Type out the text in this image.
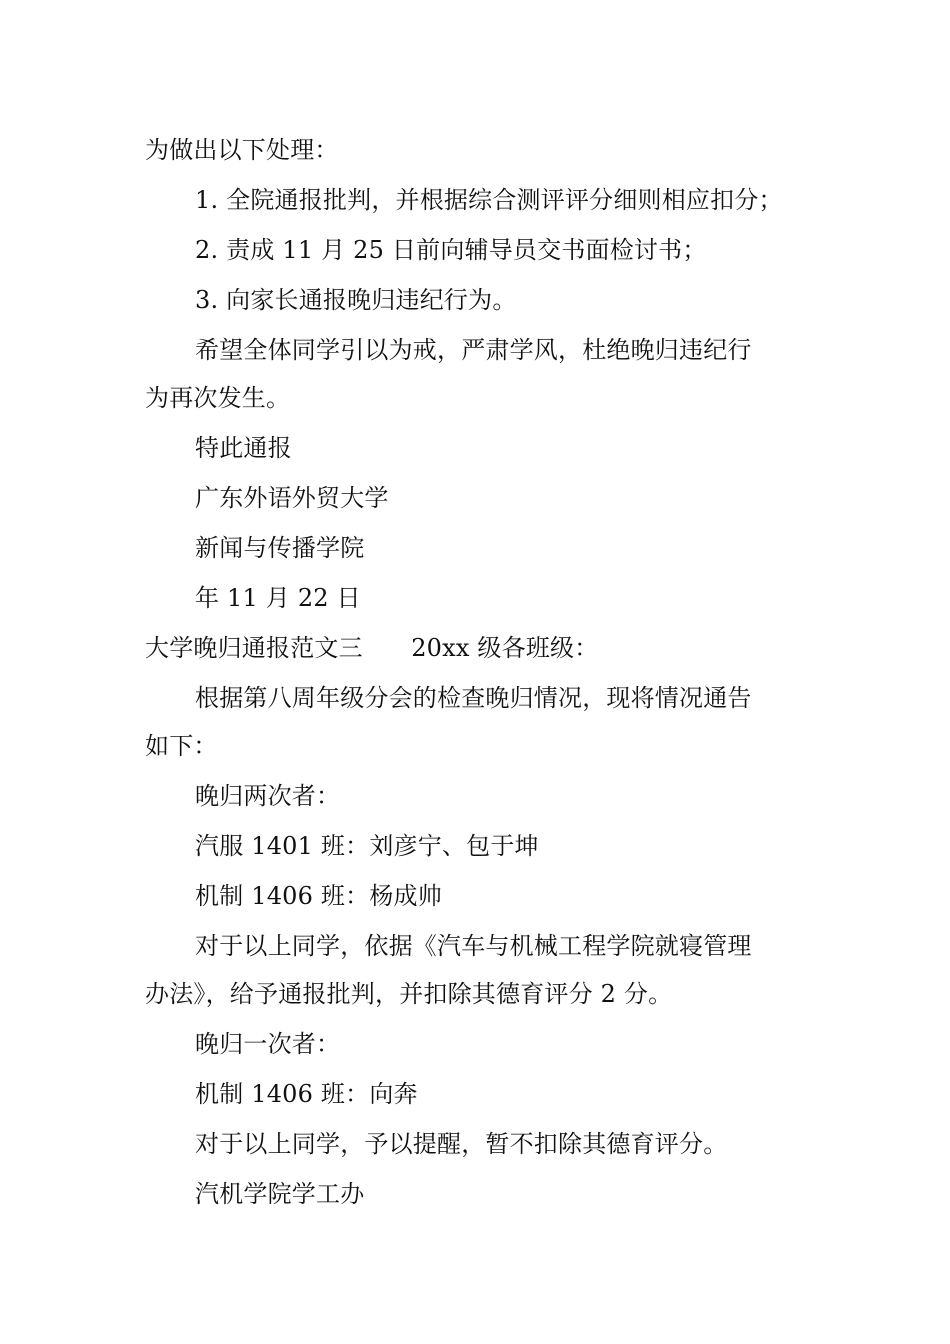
为做出以下处理：
1. 全院通报批判，并根据综合测评评分细则相应扣分；
2. 责成 11 月 25 日前向辅导员交书面检讨书；
3. 向家长通报晚归违纪行为。
希望全体同学引以为戒，严肃学风，杜绝晚归违纪行
为再次发生。
特此通报
广东外语外贸大学
新闻与传播学院
年 11 月 22 日
大学晚归通报范文三　　20xx 级各班级：
根据第八周年级分会的检查晚归情况，现将情况通告
如下：
晚归两次者：
汽服 1401 班：刘彦宁、包于坤
机制 1406 班：杨成帅
对于以上同学，依据《汽车与机械工程学院就寝管理
办法》，给予通报批判，并扣除其德育评分 2 分。
晚归一次者：
机制 1406 班：向奔
对于以上同学，予以提醒，暂不扣除其德育评分。
汽机学院学工办
